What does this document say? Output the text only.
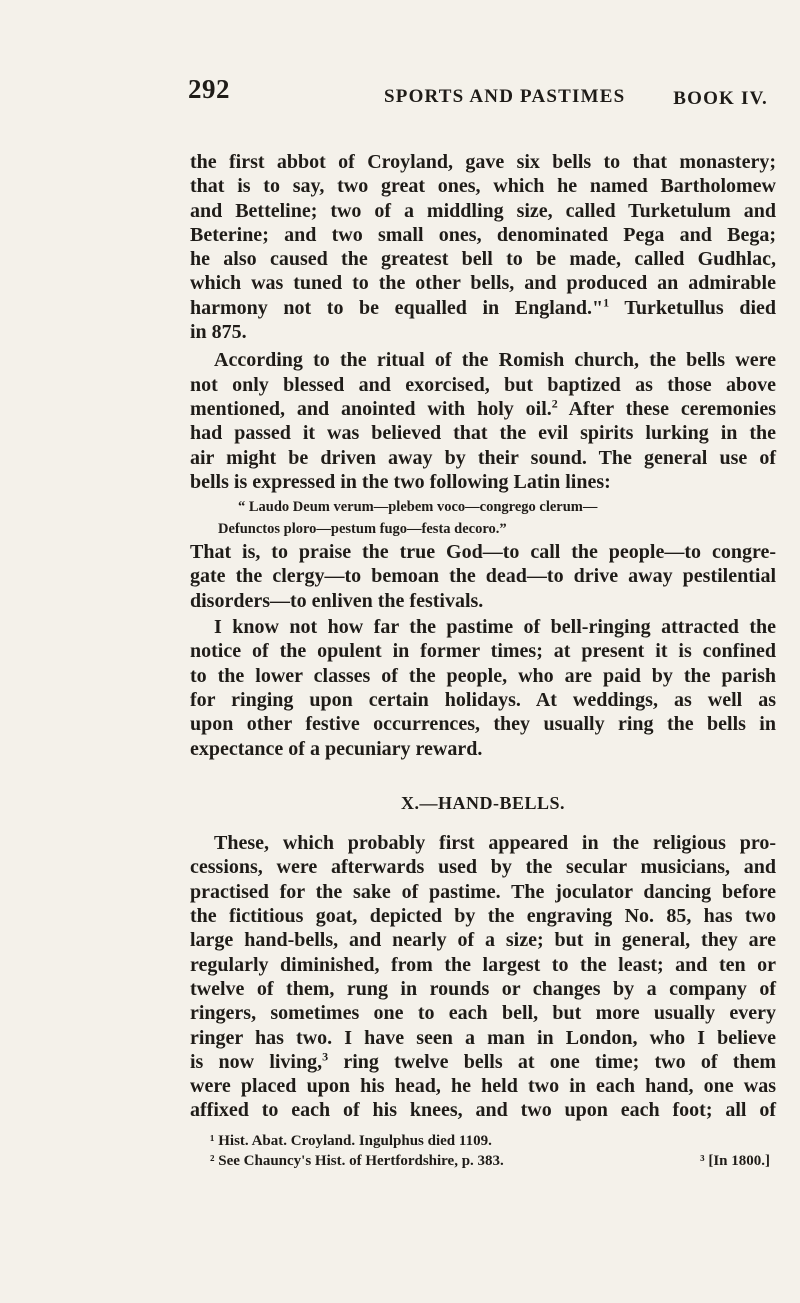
292	SPORTS AND PASTIMES	BOOK IV.
the first abbot of Croyland, gave six bells to that monastery;
that is to say, two great ones, which he named Bartholomew
and Betteline; two of a middling size, called Turketulum and
Beterine; and two small ones, denominated Pega and Bega;
he also caused the greatest bell to be made, called Gudhlac,
which was tuned to the other bells, and produced an admirable
harmony not to be equalled in England."$^1$ Turketullus died
in 875.
According to the ritual of the Romish church, the bells were
not only blessed and exorcised, but baptized as those above
mentioned, and anointed with holy oil.$^2$ After these ceremonies
had passed it was believed that the evil spirits lurking in the
air might be driven away by their sound. The general use of
bells is expressed in the two following Latin lines:
“ Laudo Deum verum—plebem voco—congrego clerum—
Defunctos ploro—pestum fugo—festa decoro.”
That is, to praise the true God—to call the people—to congre-
gate the clergy—to bemoan the dead—to drive away pestilential
disorders—to enliven the festivals.
I know not how far the pastime of bell-ringing attracted the
notice of the opulent in former times; at present it is confined
to the lower classes of the people, who are paid by the parish
for ringing upon certain holidays. At weddings, as well as
upon other festive occurrences, they usually ring the bells in
expectance of a pecuniary reward.
X.—HAND-BELLS.
These, which probably first appeared in the religious pro-
cessions, were afterwards used by the secular musicians, and
practised for the sake of pastime. The joculator dancing before
the fictitious goat, depicted by the engraving No. 85, has two
large hand-bells, and nearly of a size; but in general, they are
regularly diminished, from the largest to the least; and ten or
twelve of them, rung in rounds or changes by a company of
ringers, sometimes one to each bell, but more usually every
ringer has two. I have seen a man in London, who I believe
is now living,$^3$ ring twelve bells at one time; two of them
were placed upon his head, he held two in each hand, one was
affixed to each of his knees, and two upon each foot; all of
¹ Hist. Abat. Croyland. Ingulphus died 1109.
² See Chauncy's Hist. of Hertfordshire, p. 383.	³ [In 1800.]
